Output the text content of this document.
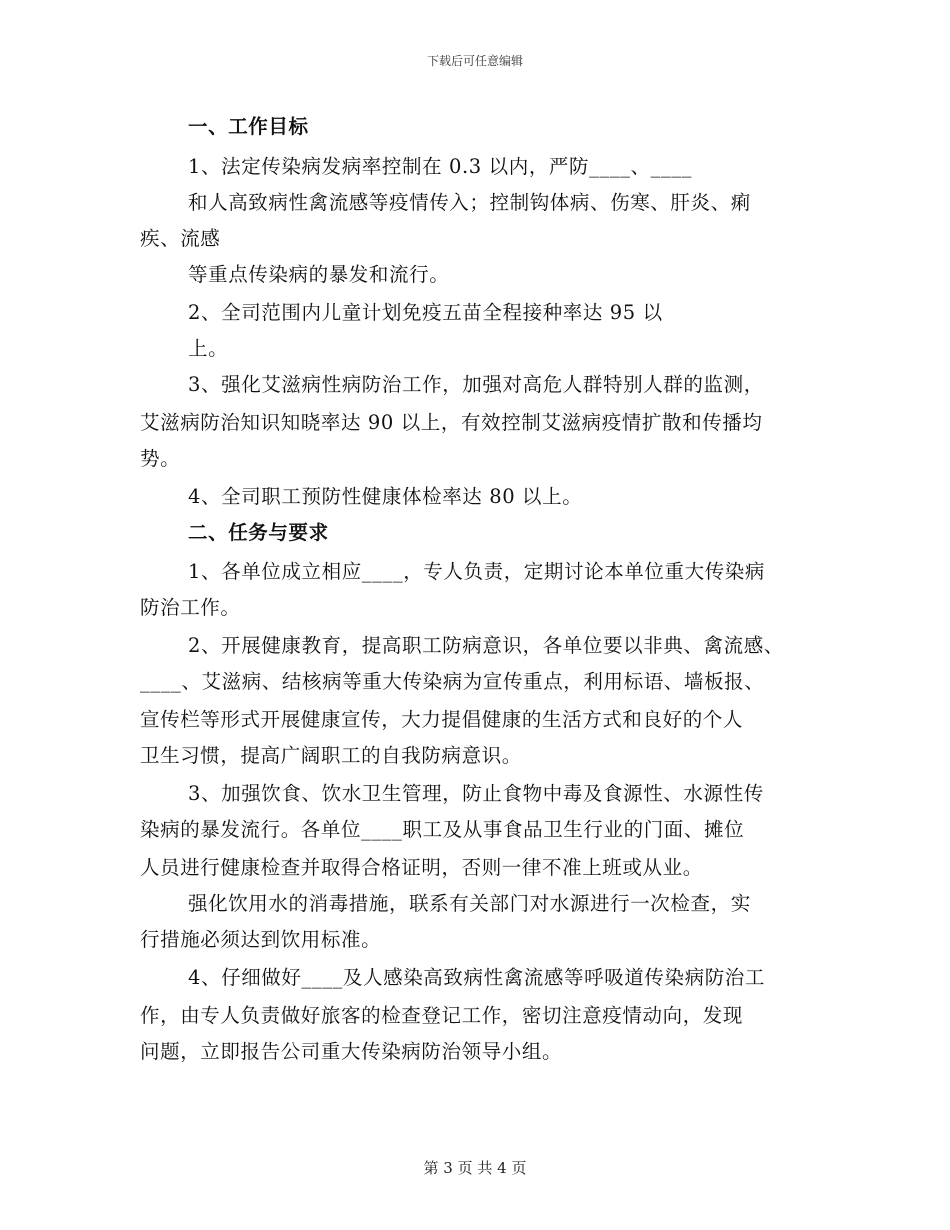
下载后可任意编辑
一、工作目标
1、法定传染病发病率控制在 0.3 以内，严防____、____
和人高致病性禽流感等疫情传入；控制钩体病、伤寒、肝炎、痢
疾、流感
等重点传染病的暴发和流行。
2、全司范围内儿童计划免疫五苗全程接种率达 95 以
上。
3、强化艾滋病性病防治工作，加强对高危人群特别人群的监测，
艾滋病防治知识知晓率达 90 以上，有效控制艾滋病疫情扩散和传播均
势。
4、全司职工预防性健康体检率达 80 以上。
二、任务与要求
1、各单位成立相应____，专人负责，定期讨论本单位重大传染病
防治工作。
2、开展健康教育，提高职工防病意识，各单位要以非典、禽流感、
____、艾滋病、结核病等重大传染病为宣传重点，利用标语、墙板报、
宣传栏等形式开展健康宣传，大力提倡健康的生活方式和良好的个人
卫生习惯，提高广阔职工的自我防病意识。
3、加强饮食、饮水卫生管理，防止食物中毒及食源性、水源性传
染病的暴发流行。各单位____职工及从事食品卫生行业的门面、摊位
人员进行健康检查并取得合格证明，否则一律不准上班或从业。
强化饮用水的消毒措施，联系有关部门对水源进行一次检查，实
行措施必须达到饮用标准。
4、仔细做好____及人感染高致病性禽流感等呼吸道传染病防治工
作，由专人负责做好旅客的检查登记工作，密切注意疫情动向，发现
问题，立即报告公司重大传染病防治领导小组。
第 3 页 共 4 页
